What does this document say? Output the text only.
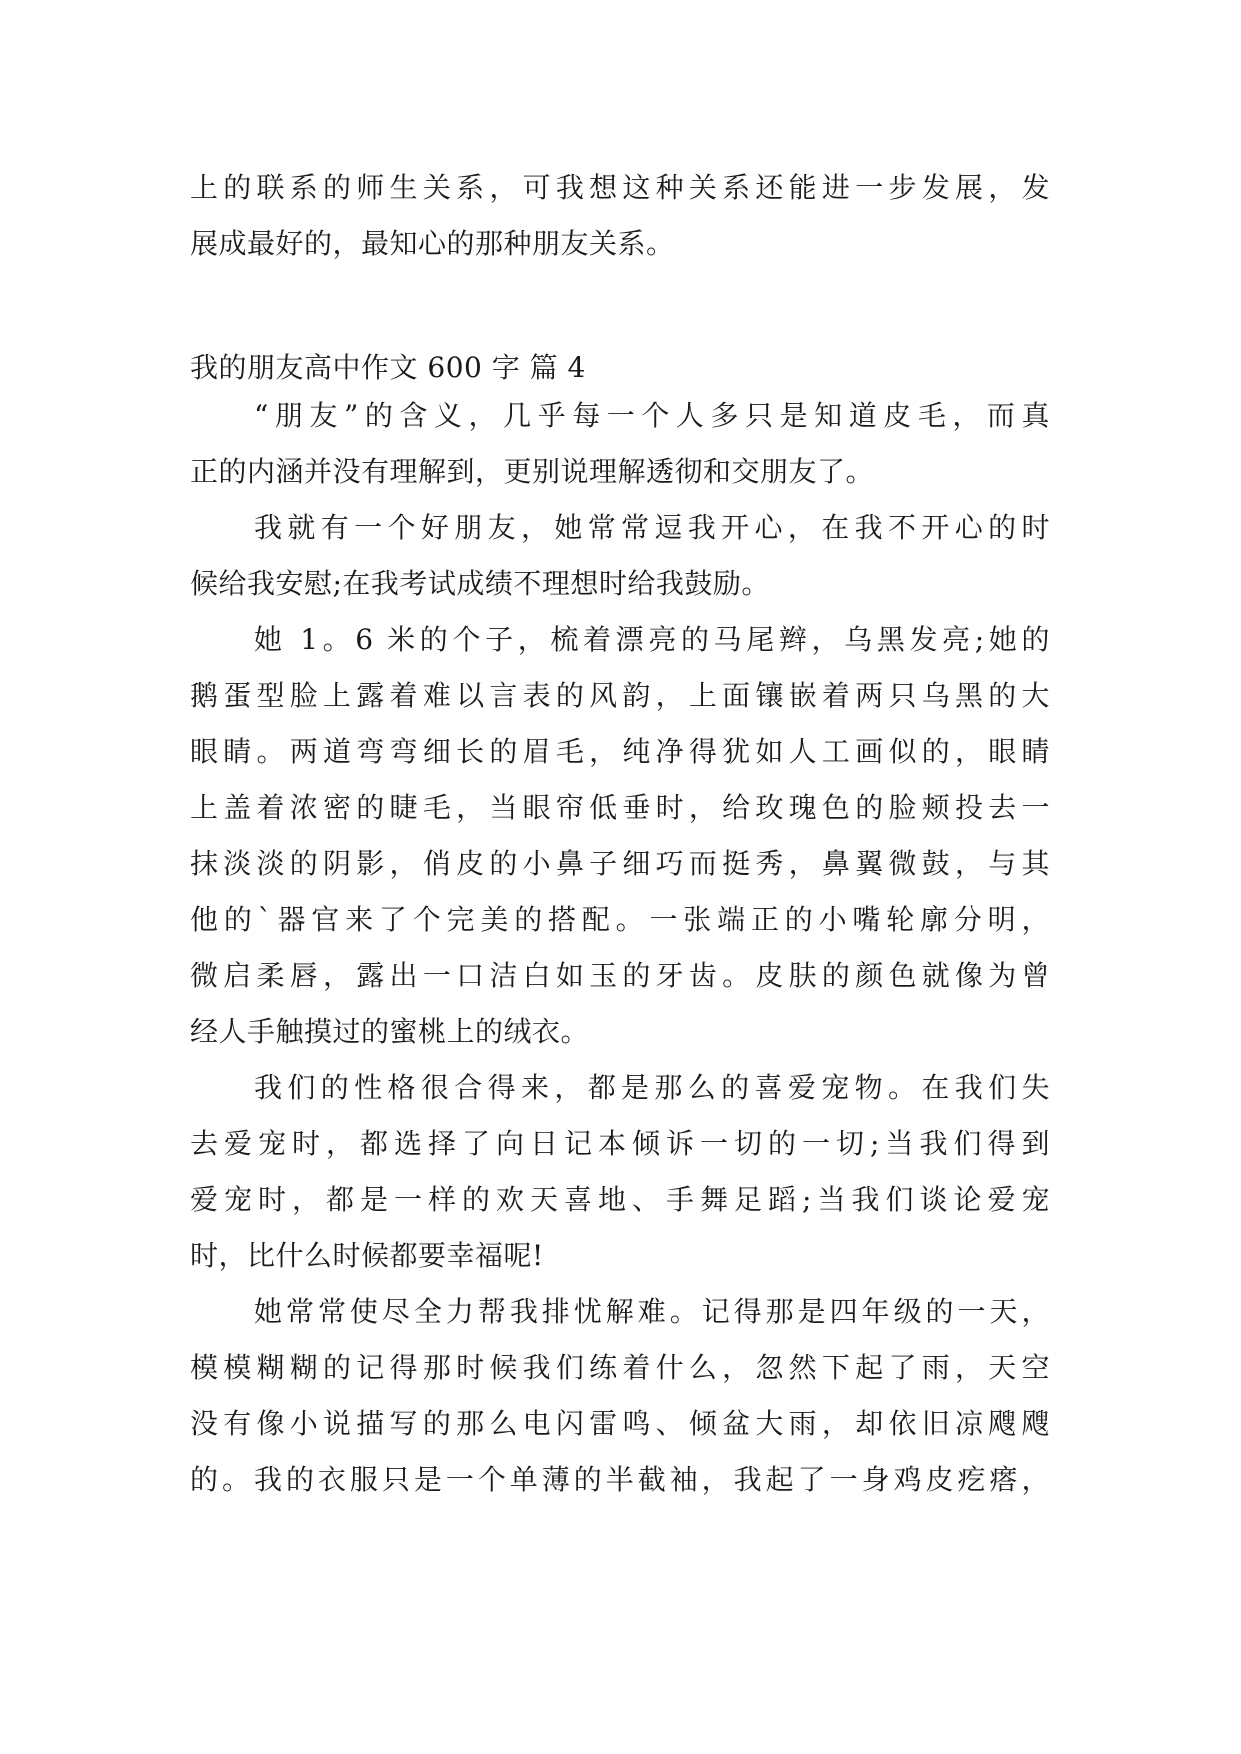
上的联系的师生关系，可我想这种关系还能进一步发展，发
展成最好的，最知心的那种朋友关系。
我的朋友高中作文 600 字 篇 4
“朋友”的含义，几乎每一个人多只是知道皮毛，而真
正的内涵并没有理解到，更别说理解透彻和交朋友了。
我就有一个好朋友，她常常逗我开心，在我不开心的时
候给我安慰;在我考试成绩不理想时给我鼓励。
她 1。6 米的个子，梳着漂亮的马尾辫，乌黑发亮;她的
鹅蛋型脸上露着难以言表的风韵，上面镶嵌着两只乌黑的大
眼睛。两道弯弯细长的眉毛，纯净得犹如人工画似的，眼睛
上盖着浓密的睫毛，当眼帘低垂时，给玫瑰色的脸颊投去一
抹淡淡的阴影，俏皮的小鼻子细巧而挺秀，鼻翼微鼓，与其
他的`器官来了个完美的搭配。一张端正的小嘴轮廓分明，
微启柔唇，露出一口洁白如玉的牙齿。皮肤的颜色就像为曾
经人手触摸过的蜜桃上的绒衣。
我们的性格很合得来，都是那么的喜爱宠物。在我们失
去爱宠时，都选择了向日记本倾诉一切的一切;当我们得到
爱宠时，都是一样的欢天喜地、手舞足蹈;当我们谈论爱宠
时，比什么时候都要幸福呢!
她常常使尽全力帮我排忧解难。记得那是四年级的一天，
模模糊糊的记得那时候我们练着什么，忽然下起了雨，天空
没有像小说描写的那么电闪雷鸣、倾盆大雨，却依旧凉飕飕
的。我的衣服只是一个单薄的半截袖，我起了一身鸡皮疙瘩，
